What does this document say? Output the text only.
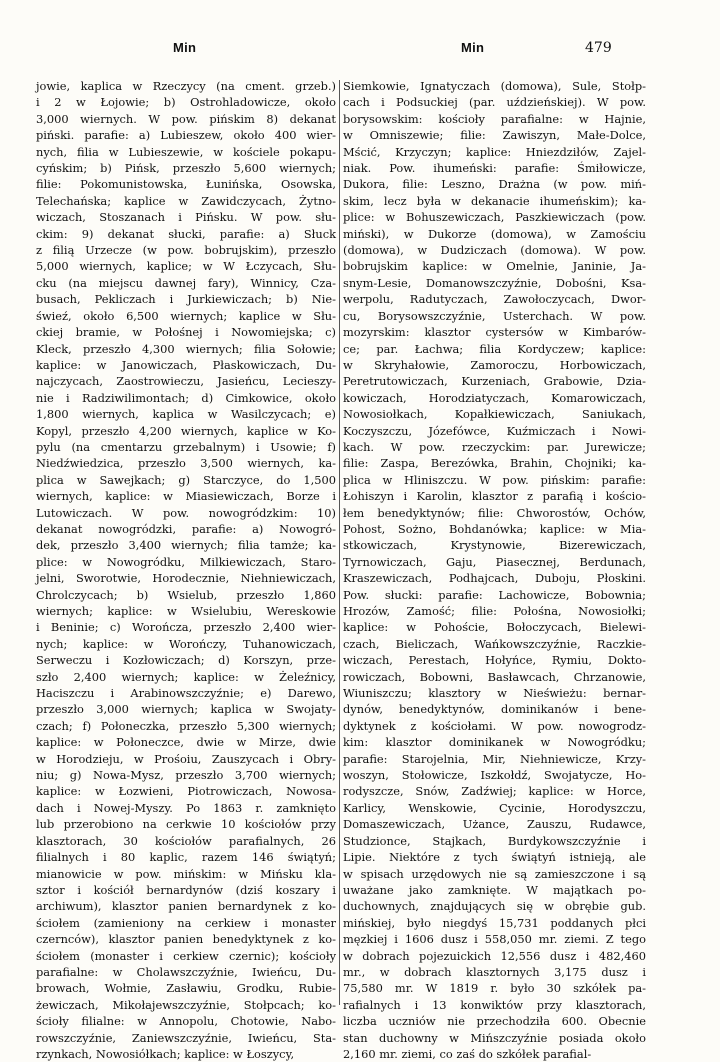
Min	Min	479
jowie, kaplica w Rzeczycy (na cment. grzeb.)
i 2 w Łojowie; b) Ostrohladowicze, około
3,000 wiernych. W pow. pińskim 8) dekanat
piński. parafie: a) Lubieszew, około 400 wier-
nych, filia w Lubieszewie, w kościele pokapu-
cyńskim; b) Pińsk, przeszło 5,600 wiernych;
filie: Pokomunistowska, Łunińska, Osowska,
Telechańska; kaplice w Zawidczycach, Żytno-
wiczach, Stoszanach i Pińsku. W pow. słu-
ckim: 9) dekanat słucki, parafie: a) Słuck
z filią Urzecze (w pow. bobrujskim), przeszło
5,000 wiernych, kaplice; w W Łczycach, Słu-
cku (na miejscu dawnej fary), Winnicy, Cza-
busach, Pekliczach i Jurkiewiczach; b) Nie-
świeź, około 6,500 wiernych; kaplice w Słu-
ckiej bramie, w Połośnej i Nowomiejska; c)
Kleck, przeszło 4,300 wiernych; filia Sołowie;
kaplice: w Janowiczach, Płaskowiczach, Du-
najczycach, Zaostrowieczu, Jasieńcu, Lecieszy-
nie i Radziwilimontach; d) Cimkowice, około
1,800 wiernych, kaplica w Wasilczycach; e)
Kopyl, przeszło 4,200 wiernych, kaplice w Ko-
pylu (na cmentarzu grzebalnym) i Usowie; f)
Niedźwiedzica, przeszło 3,500 wiernych, ka-
plica w Sawejkach; g) Starczyce, do 1,500
wiernych, kaplice: w Miasiewiczach, Borze i
Lutowiczach. W pow. nowogródzkim: 10)
dekanat nowogródzki, parafie: a) Nowogró-
dek, przeszło 3,400 wiernych; filia tamże; ka-
plice: w Nowogródku, Milkiewiczach, Staro-
jelni, Sworotwie, Horodecznie, Niehniewiczach,
Chrolczycach; b) Wsielub, przeszło 1,860
wiernych; kaplice: w Wsielubiu, Wereskowie
i Beninie; c) Worończa, przeszło 2,400 wier-
nych; kaplice: w Worończy, Tuhanowiczach,
Serweczu i Kozłowiczach; d) Korszyn, prze-
szło 2,400 wiernych; kaplice: w Żeleźnicy,
Haciszczu i Arabinowszczyźnie; e) Darewo,
przeszło 3,000 wiernych; kaplica w Swojaty-
czach; f) Połoneczka, przeszło 5,300 wiernych;
kaplice: w Połoneczce, dwie w Mirze, dwie
w Horodzieju, w Prośoiu, Zauszycach i Obry-
niu; g) Nowa-Mysz, przeszło 3,700 wiernych;
kaplice: w Łozwieni, Piotrowiczach, Nowosa-
dach i Nowej-Myszy. Po 1863 r. zamknięto
lub przerobiono na cerkwie 10 kościołów przy
klasztorach, 30 kościołów parafialnych, 26
filialnych i 80 kaplic, razem 146 świątyń;
mianowicie w pow. mińskim: w Mińsku kla-
sztor i kościół bernardynów (dziś koszary i
archiwum), klasztor panien bernardynek z ko-
ściołem (zamieniony na cerkiew i monaster
czernców), klasztor panien benedyktynek z ko-
ściołem (monaster i cerkiew czernic); kościoły
parafialne: w Cholawszczyźnie, Iwieńcu, Du-
browach, Wołmie, Zasławiu, Grodku, Rubie-
żewiczach, Mikołajewszczyźnie, Stołpcach; ko-
ścioły filialne: w Annopolu, Chotowie, Nabo-
rowszczyźnie, Zaniewszczyźnie, Iwieńcu, Sta-
rzynkach, Nowosiółkach; kaplice: w Łoszycy,
Siemkowie, Ignatyczach (domowa), Sule, Stołp-
cach i Podsuckiej (par. uździeńskiej). W pow.
borysowskim: kościoły parafialne: w Hajnie,
w Omniszewie; filie: Zawiszyn, Małe-Dolce,
Mścić, Krzyczyn; kaplice: Hniezdziłów, Zajel-
niak. Pow. ihumeński: parafie: Śmiłowicze,
Dukora, filie: Leszno, Drażna (w pow. miń-
skim, lecz była w dekanacie ihumeńskim); ka-
plice: w Bohuszewiczach, Paszkiewiczach (pow.
miński), w Dukorze (domowa), w Zamościu
(domowa), w Dudziczach (domowa). W pow.
bobrujskim kaplice: w Omelnie, Janinie, Ja-
snym-Lesie, Domanowszczyźnie, Dobośni, Ksa-
werpolu, Radutyczach, Zawołoczycach, Dwor-
cu, Borysowszczyźnie, Usterchach. W pow.
mozyrskim: klasztor cystersów w Kimbarów-
ce; par. Łachwa; filia Kordyczew; kaplice:
w Skryhałowie, Zamoroczu, Horbowiczach,
Peretrutowiczach, Kurzeniach, Grabowie, Dzia-
kowiczach, Horodziatyczach, Komarowiczach,
Nowosiołkach, Kopałkiewiczach, Saniukach,
Koczyszczu, Józefówce, Kuźmiczach i Nowi-
kach. W pow. rzeczyckim: par. Jurewicze;
filie: Zaspa, Berezówka, Brahin, Chojniki; ka-
plica w Hliniszczu. W pow. pińskim: parafie:
Łohiszyn i Karolin, klasztor z parafią i kościo-
łem benedyktynów; filie: Chworostów, Ochów,
Pohost, Sożno, Bohdanówka; kaplice: w Mia-
stkowiczach, Krystynowie, Bizerewiczach,
Tyrnowiczach, Gaju, Piasecznej, Berdunach,
Kraszewiczach, Podhajcach, Duboju, Płoskini.
Pow. słucki: parafie: Lachowicze, Bobownia;
Hrozów, Zamość; filie: Połośna, Nowosiołki;
kaplice: w Pohoście, Bołoczycach, Bielewi-
czach, Bieliczach, Wańkowszczyźnie, Raczkie-
wiczach, Perestach, Hołyńce, Rymiu, Dokto-
rowiczach, Bobowni, Basławcach, Chrzanowie,
Wiuniszczu; klasztory w Nieświeżu: bernar-
dynów, benedyktynów, dominikanów i bene-
dyktynek z kościołami. W pow. nowogrodz-
kim: klasztor dominikanek w Nowogródku;
parafie: Starojelnia, Mir, Niehniewicze, Krzy-
woszyn, Stołowicze, Iszkołdź, Swojatycze, Ho-
rodyszcze, Snów, Zadźwiej; kaplice: w Horce,
Karlicy, Wenskowie, Cycinie, Horodyszczu,
Domaszewiczach, Użance, Zauszu, Rudawce,
Studzionce, Stajkach, Burdykowszczyźnie i
Lipie. Niektóre z tych świątyń istnieją, ale
w spisach urzędowych nie są zamieszczone i są
uważane jako zamknięte. W majątkach po-
duchownych, znajdujących się w obrębie gub.
mińskiej, było niegdyś 15,731 poddanych płci
męzkiej i 1606 dusz i 558,050 mr. ziemi. Z tego
w dobrach pojezuickich 12,556 dusz i 482,460
mr., w dobrach klasztornych 3,175 dusz i
75,580 mr. W 1819 r. było 30 szkółek pa-
rafialnych i 13 konwiktów przy klasztorach,
liczba uczniów nie przechodziła 600. Obecnie
stan duchowny w Mińszczyźnie posiada około
2,160 mr. ziemi, co zaś do szkółek parafial-
